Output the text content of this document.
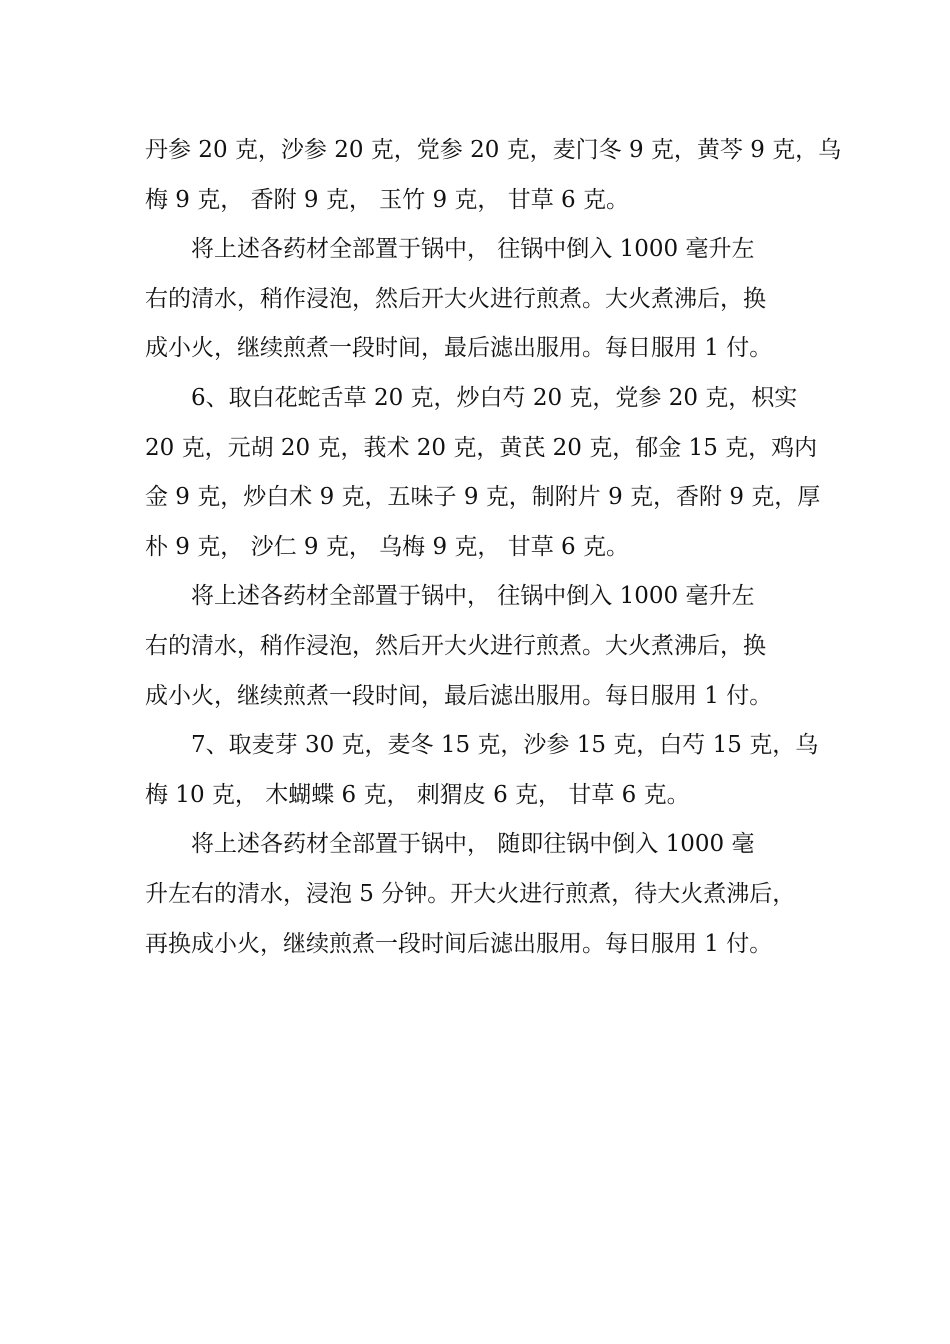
丹参 20 克，沙参 20 克，党参 20 克，麦门冬 9 克，黄芩 9 克，乌
梅 9 克， 香附 9 克， 玉竹 9 克， 甘草 6 克。
将上述各药材全部置于锅中， 往锅中倒入 1000 毫升左
右的清水，稍作浸泡，然后开大火进行煎煮。大火煮沸后，换
成小火，继续煎煮一段时间，最后滤出服用。每日服用 1 付。
6、取白花蛇舌草 20 克，炒白芍 20 克，党参 20 克，枳实
20 克，元胡 20 克，莪术 20 克，黄芪 20 克，郁金 15 克，鸡内
金 9 克，炒白术 9 克，五味子 9 克，制附片 9 克，香附 9 克，厚
朴 9 克， 沙仁 9 克， 乌梅 9 克， 甘草 6 克。
将上述各药材全部置于锅中， 往锅中倒入 1000 毫升左
右的清水，稍作浸泡，然后开大火进行煎煮。大火煮沸后，换
成小火，继续煎煮一段时间，最后滤出服用。每日服用 1 付。
7、取麦芽 30 克，麦冬 15 克，沙参 15 克，白芍 15 克，乌
梅 10 克， 木蝴蝶 6 克， 刺猬皮 6 克， 甘草 6 克。
将上述各药材全部置于锅中， 随即往锅中倒入 1000 毫
升左右的清水，浸泡 5 分钟。开大火进行煎煮，待大火煮沸后，
再换成小火，继续煎煮一段时间后滤出服用。每日服用 1 付。
